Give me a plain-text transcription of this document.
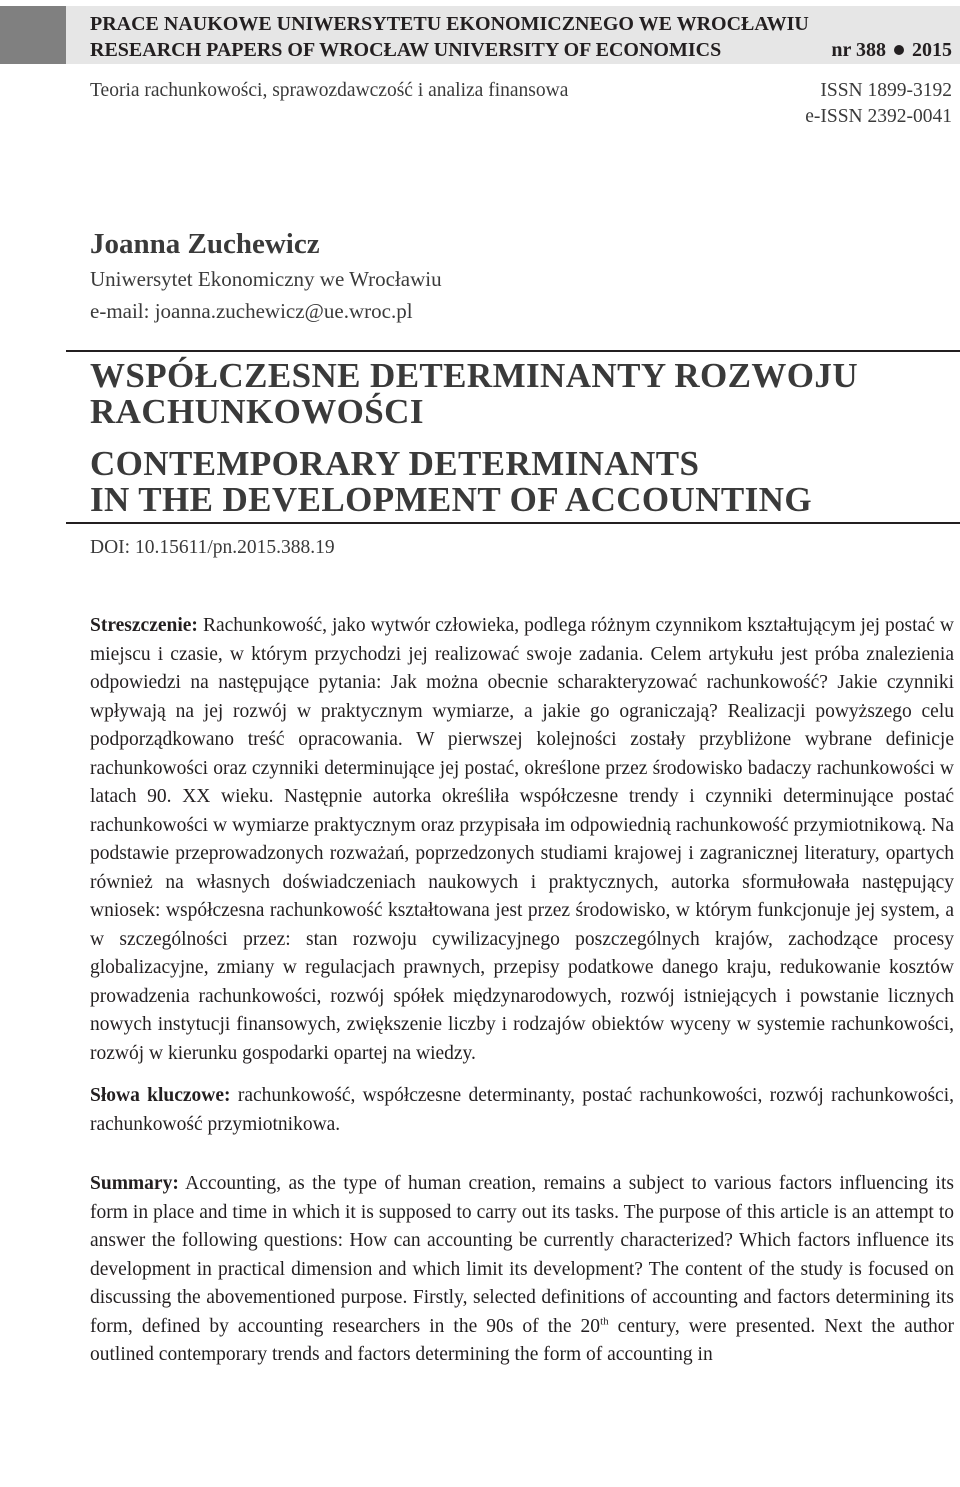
PRACE NAUKOWE UNIWERSYTETU EKONOMICZNEGO WE WROCŁAWIU
RESEARCH PAPERS OF WROCŁAW UNIVERSITY OF ECONOMICS	nr 388 2015
Teoria rachunkowości, sprawozdawczość i analiza finansowa	ISSN 1899-3192
e-ISSN 2392-0041
Joanna Zuchewicz
Uniwersytet Ekonomiczny we Wrocławiu
e-mail: joanna.zuchewicz@ue.wroc.pl
WSPÓŁCZESNE DETERMINANTY ROZWOJU
RACHUNKOWOŚCI
CONTEMPORARY DETERMINANTS
IN THE DEVELOPMENT OF ACCOUNTING
DOI: 10.15611/pn.2015.388.19

Streszczenie: Rachunkowość, jako wytwór człowieka, podlega różnym czynnikom kształtującym jej postać w miejscu i czasie, w którym przychodzi jej realizować swoje zadania. Celem artykułu jest próba znalezienia odpowiedzi na następujące pytania: Jak można obecnie scharakteryzować rachunkowość? Jakie czynniki wpływają na jej rozwój w praktycznym wymiarze, a jakie go ograniczają? Realizacji powyższego celu podporządkowano treść opracowania. W pierwszej kolejności zostały przybliżone wybrane definicje rachunkowości oraz czynniki determinujące jej postać, określone przez środowisko badaczy rachunkowości w latach 90. XX wieku. Następnie autorka określiła współczesne trendy i czynniki determinujące postać rachunkowości w wymiarze praktycznym oraz przypisała im odpowiednią rachunkowość przymiotnikową. Na podstawie przeprowadzonych rozważań, poprzedzonych studiami krajowej i zagranicznej literatury, opartych również na własnych doświadczeniach naukowych i praktycznych, autorka sformułowała następujący wniosek: współczesna rachunkowość kształtowana jest przez środowisko, w którym funkcjonuje jej system, a w szczególności przez: stan rozwoju cywilizacyjnego poszczególnych krajów, zachodzące procesy globalizacyjne, zmiany w regulacjach prawnych, przepisy podatkowe danego kraju, redukowanie kosztów prowadzenia rachunkowości, rozwój spółek międzynarodowych, rozwój istniejących i powstanie licznych nowych instytucji finansowych, zwiększenie liczby i rodzajów obiektów wyceny w systemie rachunkowości, rozwój w kierunku gospodarki opartej na wiedzy.

Słowa kluczowe: rachunkowość, współczesne determinanty, postać rachunkowości, rozwój rachunkowości, rachunkowość przymiotnikowa.

Summary: Accounting, as the type of human creation, remains a subject to various factors influencing its form in place and time in which it is supposed to carry out its tasks. The purpose of this article is an attempt to answer the following questions: How can accounting be currently characterized? Which factors influence its development in practical dimension and which limit its development? The content of the study is focused on discussing the abovementioned purpose. Firstly, selected definitions of accounting and factors determining its form, defined by accounting researchers in the 90s of the 20th century, were presented. Next the author outlined contemporary trends and factors determining the form of accounting in
